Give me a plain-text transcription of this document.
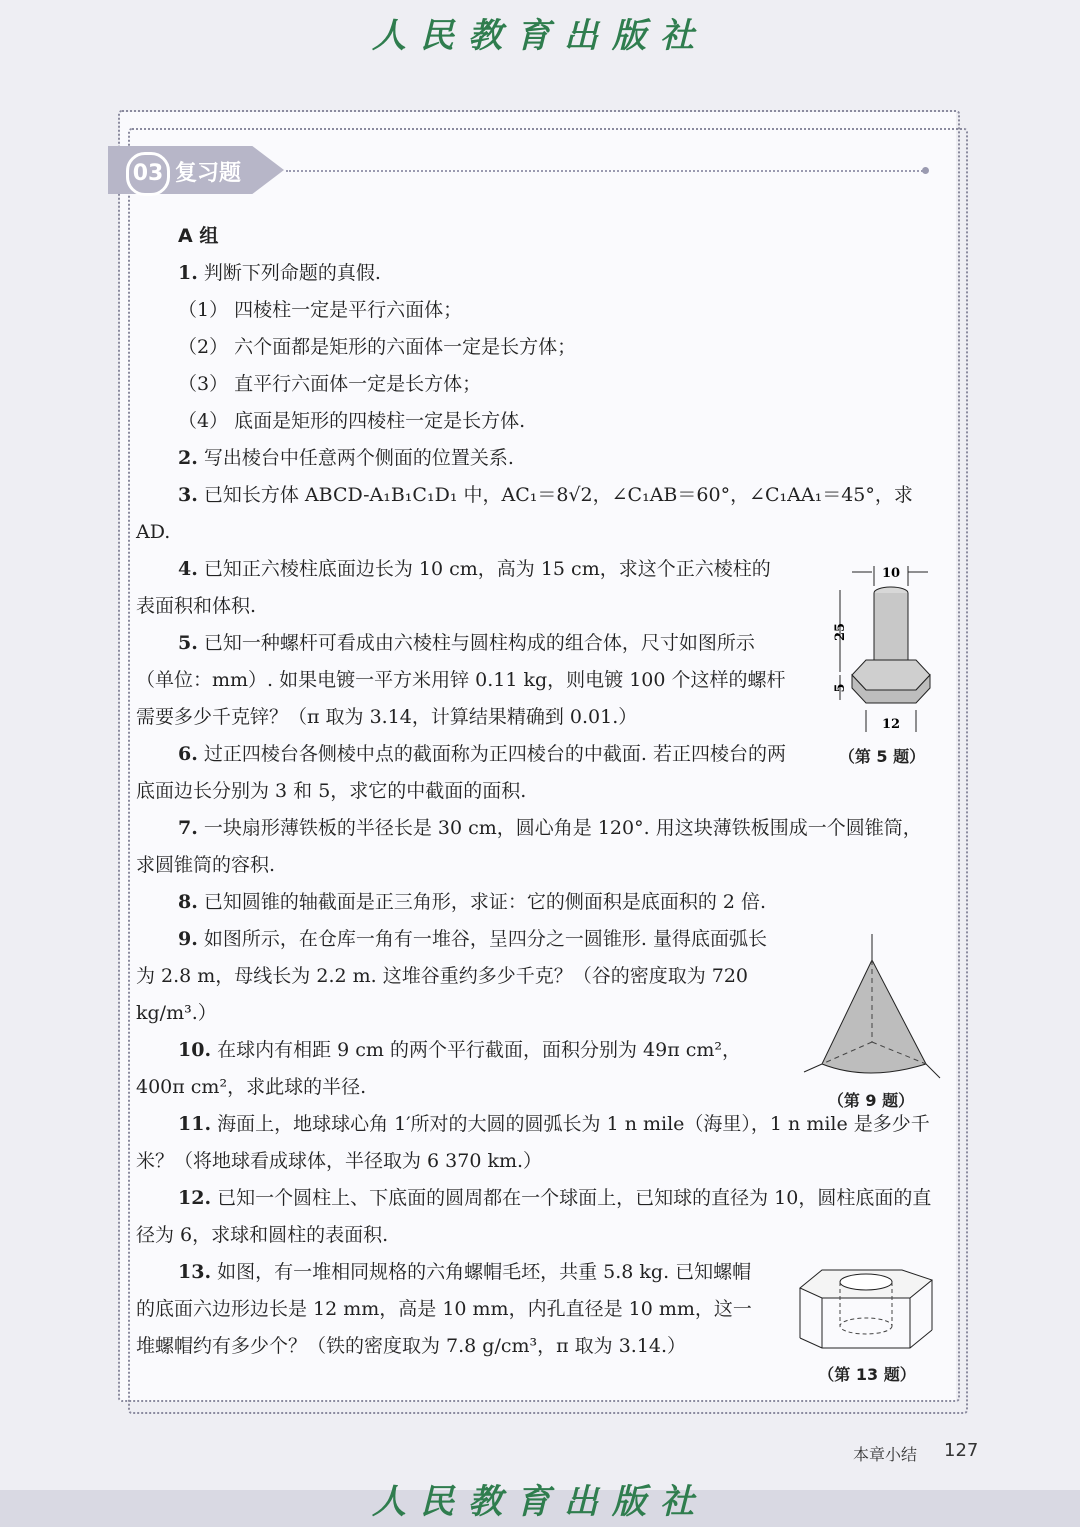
人民教育出版社
03 复习题
A 组
1. 判断下列命题的真假.
（1） 四棱柱一定是平行六面体；
（2） 六个面都是矩形的六面体一定是长方体；
（3） 直平行六面体一定是长方体；
（4） 底面是矩形的四棱柱一定是长方体.
2. 写出棱台中任意两个侧面的位置关系.
3. 已知长方体 ABCD-A₁B₁C₁D₁ 中，AC₁＝8√2，∠C₁AB＝60°，∠C₁AA₁＝45°，求 AD.
4. 已知正六棱柱底面边长为 10 cm，高为 15 cm，求这个正六棱柱的表面积和体积.
5. 已知一种螺杆可看成由六棱柱与圆柱构成的组合体，尺寸如图所示（单位：mm）. 如果电镀一平方米用锌 0.11 kg，则电镀 100 个这样的螺杆需要多少千克锌？（π 取为 3.14，计算结果精确到 0.01.）
6. 过正四棱台各侧棱中点的截面称为正四棱台的中截面. 若正四棱台的两底面边长分别为 3 和 5，求它的中截面的面积.
7. 一块扇形薄铁板的半径长是 30 cm，圆心角是 120°. 用这块薄铁板围成一个圆锥筒，求圆锥筒的容积.
8. 已知圆锥的轴截面是正三角形，求证：它的侧面积是底面积的 2 倍.
9. 如图所示，在仓库一角有一堆谷，呈四分之一圆锥形. 量得底面弧长为 2.8 m，母线长为 2.2 m. 这堆谷重约多少千克？（谷的密度取为 720 kg/m³.）
10. 在球内有相距 9 cm 的两个平行截面，面积分别为 49π cm²，400π cm²，求此球的半径.
11. 海面上，地球球心角 1′所对的大圆的圆弧长为 1 n mile（海里），1 n mile 是多少千米？（将地球看成球体，半径取为 6 370 km.）
12. 已知一个圆柱上、下底面的圆周都在一个球面上，已知球的直径为 10，圆柱底面的直径为 6，求球和圆柱的表面积.
13. 如图，有一堆相同规格的六角螺帽毛坯，共重 5.8 kg. 已知螺帽的底面六边形边长是 12 mm，高是 10 mm，内孔直径是 10 mm，这一堆螺帽约有多少个？（铁的密度取为 7.8 g/cm³，π 取为 3.14.）
10
25
5
12
（第 5 题）
（第 9 题）
（第 13 题）
本章小结 127
人民教育出版社
